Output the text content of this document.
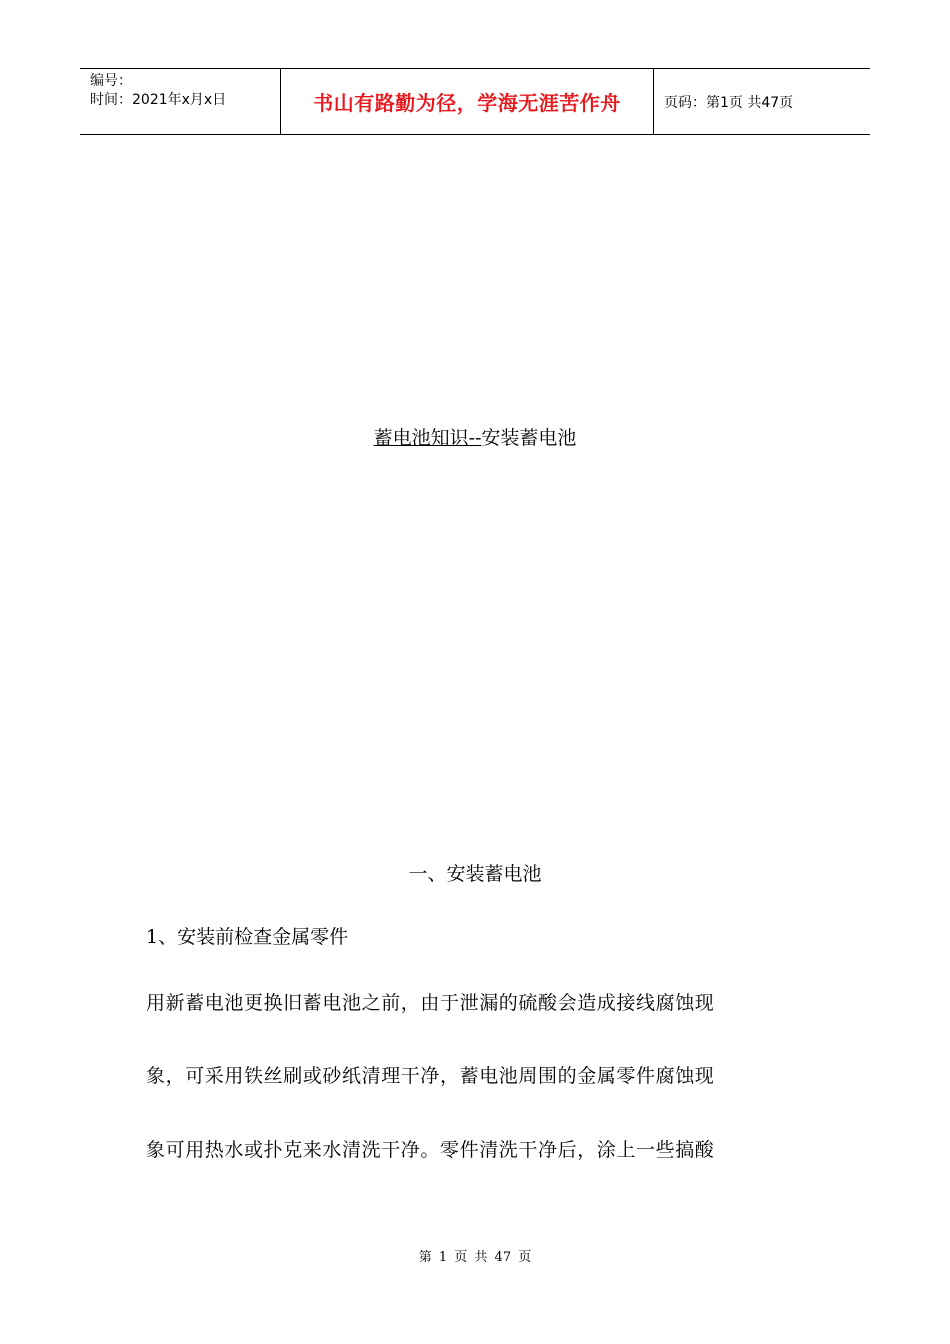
编号：
时间：2021年x月x日	书山有路勤为径，学海无涯苦作舟	页码：第1页 共47页
蓄电池知识--安装蓄电池
一、安装蓄电池
1、安装前检查金属零件
用新蓄电池更换旧蓄电池之前，由于泄漏的硫酸会造成接线腐蚀现
象，可采用铁丝刷或砂纸清理干净，蓄电池周围的金属零件腐蚀现
象可用热水或扑克来水清洗干净。零件清洗干净后，涂上一些搞酸
第 1 页 共 47 页
